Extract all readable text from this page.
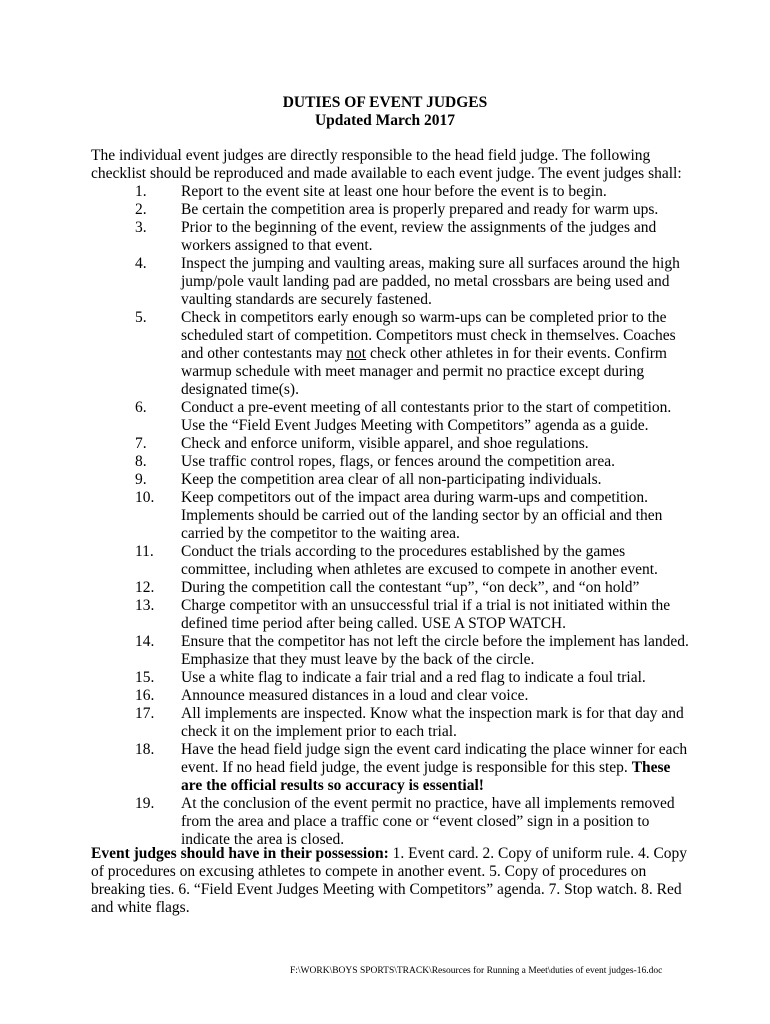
DUTIES OF EVENT JUDGES
Updated March 2017
The individual event judges are directly responsible to the head field judge. The following checklist should be reproduced and made available to each event judge. The event judges shall:
1.	Report to the event site at least one hour before the event is to begin.
2.	Be certain the competition area is properly prepared and ready for warm ups.
3.	Prior to the beginning of the event, review the assignments of the judges and workers assigned to that event.
4.	Inspect the jumping and vaulting areas, making sure all surfaces around the high jump/pole vault landing pad are padded, no metal crossbars are being used and vaulting standards are securely fastened.
5.	Check in competitors early enough so warm-ups can be completed prior to the scheduled start of competition. Competitors must check in themselves. Coaches and other contestants may not check other athletes in for their events. Confirm warmup schedule with meet manager and permit no practice except during designated time(s).
6.	Conduct a pre-event meeting of all contestants prior to the start of competition. Use the “Field Event Judges Meeting with Competitors” agenda as a guide.
7.	Check and enforce uniform, visible apparel, and shoe regulations.
8.	Use traffic control ropes, flags, or fences around the competition area.
9.	Keep the competition area clear of all non-participating individuals.
10.	Keep competitors out of the impact area during warm-ups and competition. Implements should be carried out of the landing sector by an official and then carried by the competitor to the waiting area.
11.	Conduct the trials according to the procedures established by the games committee, including when athletes are excused to compete in another event.
12.	During the competition call the contestant “up”, “on deck”, and “on hold”
13.	Charge competitor with an unsuccessful trial if a trial is not initiated within the defined time period after being called. USE A STOP WATCH.
14.	Ensure that the competitor has not left the circle before the implement has landed. Emphasize that they must leave by the back of the circle.
15.	Use a white flag to indicate a fair trial and a red flag to indicate a foul trial.
16.	Announce measured distances in a loud and clear voice.
17.	All implements are inspected. Know what the inspection mark is for that day and check it on the implement prior to each trial.
18.	Have the head field judge sign the event card indicating the place winner for each event. If no head field judge, the event judge is responsible for this step. These are the official results so accuracy is essential!
19.	At the conclusion of the event permit no practice, have all implements removed from the area and place a traffic cone or “event closed” sign in a position to indicate the area is closed.
Event judges should have in their possession: 1. Event card. 2. Copy of uniform rule. 4. Copy of procedures on excusing athletes to compete in another event. 5. Copy of procedures on breaking ties. 6. “Field Event Judges Meeting with Competitors” agenda. 7. Stop watch. 8. Red and white flags.
F:\WORK\BOYS SPORTS\TRACK\Resources for Running a Meet\duties of event judges-16.doc
